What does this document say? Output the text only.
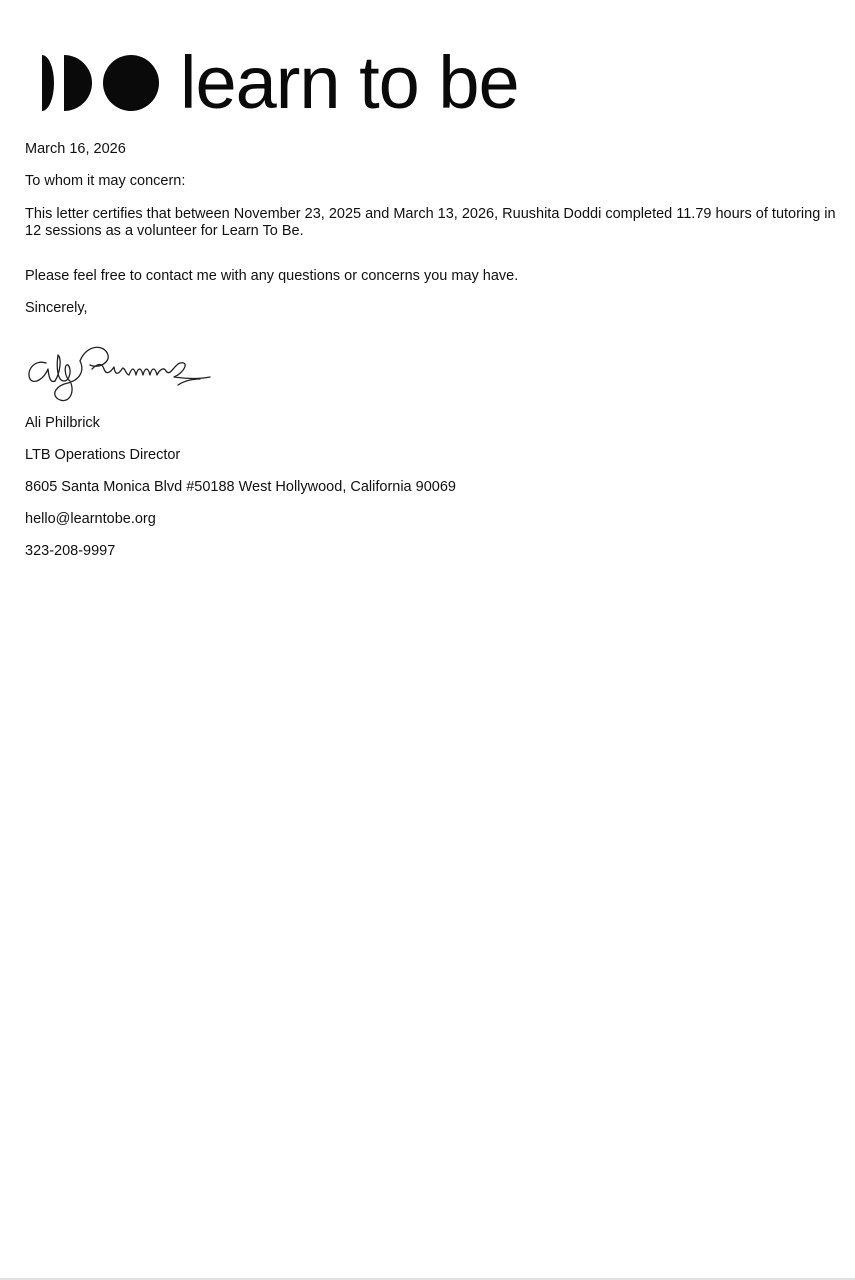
learn to be
March 16, 2026
To whom it may concern:
This letter certifies that between November 23, 2025 and March 13, 2026, Ruushita Doddi completed 11.79 hours of tutoring in 12 sessions as a volunteer for Learn To Be.
Please feel free to contact me with any questions or concerns you may have.
Sincerely,
Ali Philbrick
LTB Operations Director
8605 Santa Monica Blvd #50188 West Hollywood, California 90069
hello@learntobe.org
323-208-9997
